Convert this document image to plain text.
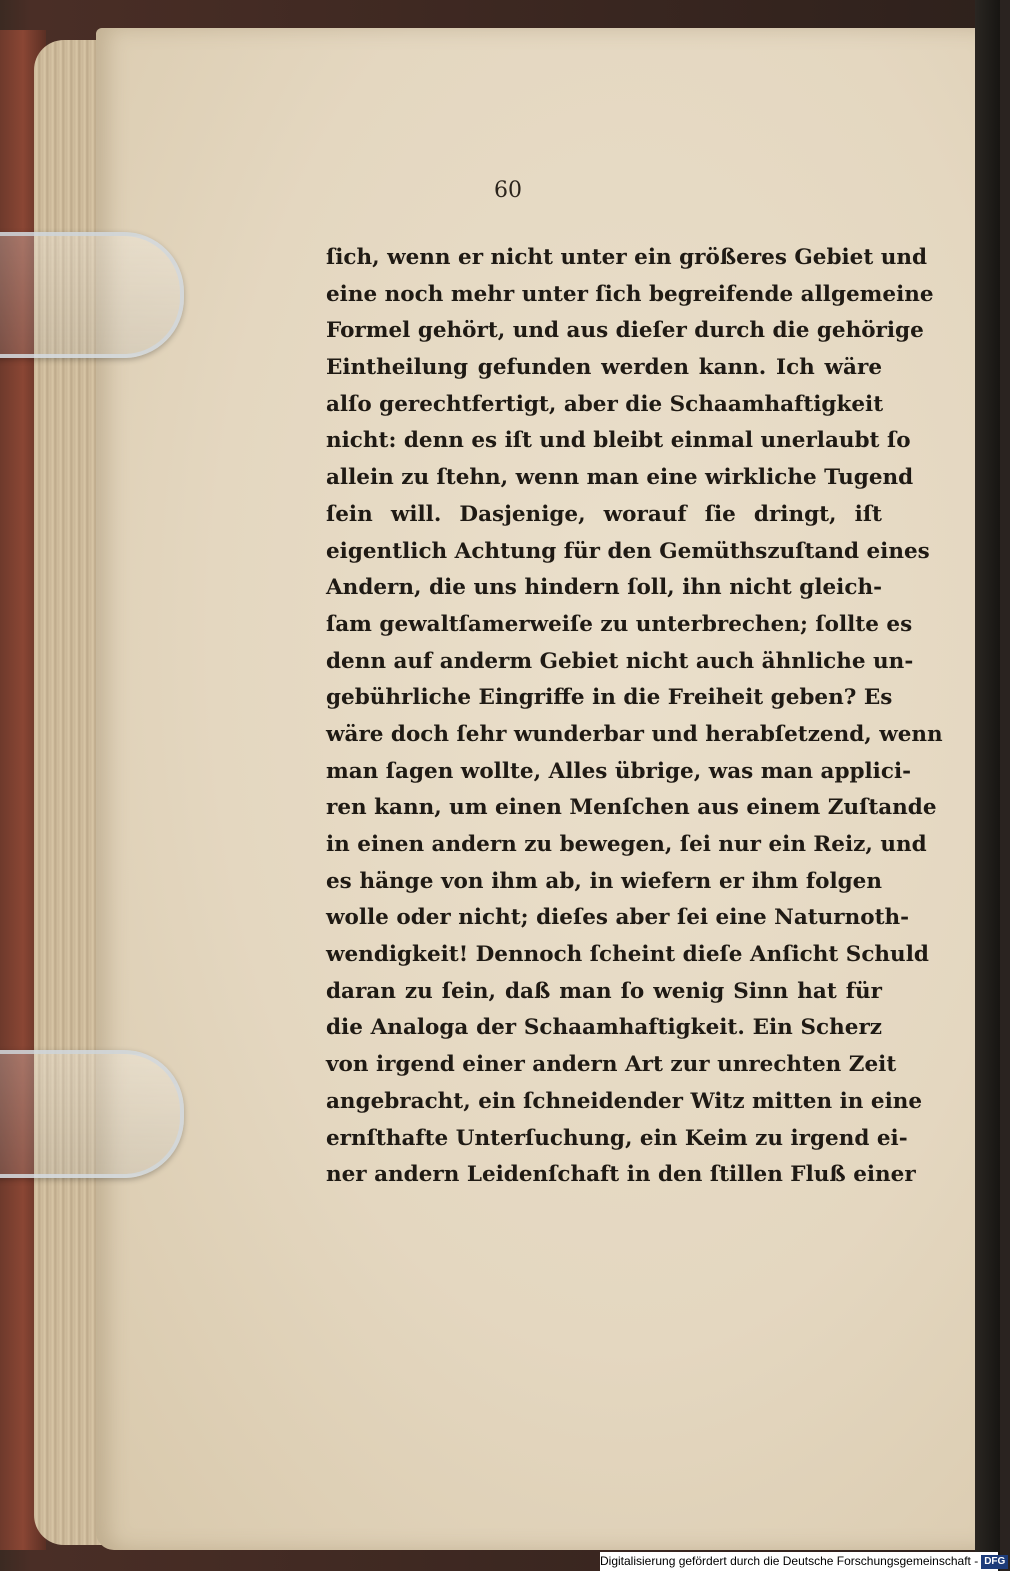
60
ſich, wenn er nicht unter ein größeres Gebiet und
eine noch mehr unter ſich begreifende allgemeine
Formel gehört, und aus dieſer durch die gehörige
Eintheilung gefunden werden kann. Ich wäre
alſo gerechtfertigt, aber die Schaamhaftigkeit
nicht: denn es iſt und bleibt einmal unerlaubt ſo
allein zu ſtehn, wenn man eine wirkliche Tugend
ſein will. Dasjenige, worauf ſie dringt, iſt
eigentlich Achtung für den Gemüthszuſtand eines
Andern, die uns hindern ſoll, ihn nicht gleich-
ſam gewaltſamerweiſe zu unterbrechen; ſollte es
denn auf anderm Gebiet nicht auch ähnliche un-
gebührliche Eingriffe in die Freiheit geben? Es
wäre doch ſehr wunderbar und herabſetzend, wenn
man ſagen wollte, Alles übrige, was man applici-
ren kann, um einen Menſchen aus einem Zuſtande
in einen andern zu bewegen, ſei nur ein Reiz, und
es hänge von ihm ab, in wiefern er ihm folgen
wolle oder nicht; dieſes aber ſei eine Naturnoth-
wendigkeit! Dennoch ſcheint dieſe Anſicht Schuld
daran zu ſein, daß man ſo wenig Sinn hat für
die Analoga der Schaamhaftigkeit. Ein Scherz
von irgend einer andern Art zur unrechten Zeit
angebracht, ein ſchneidender Witz mitten in eine
ernſthafte Unterſuchung, ein Keim zu irgend ei-
ner andern Leidenſchaft in den ſtillen Fluß einer
Digitalisierung gefördert durch die Deutsche Forschungsgemeinschaft - DFG
